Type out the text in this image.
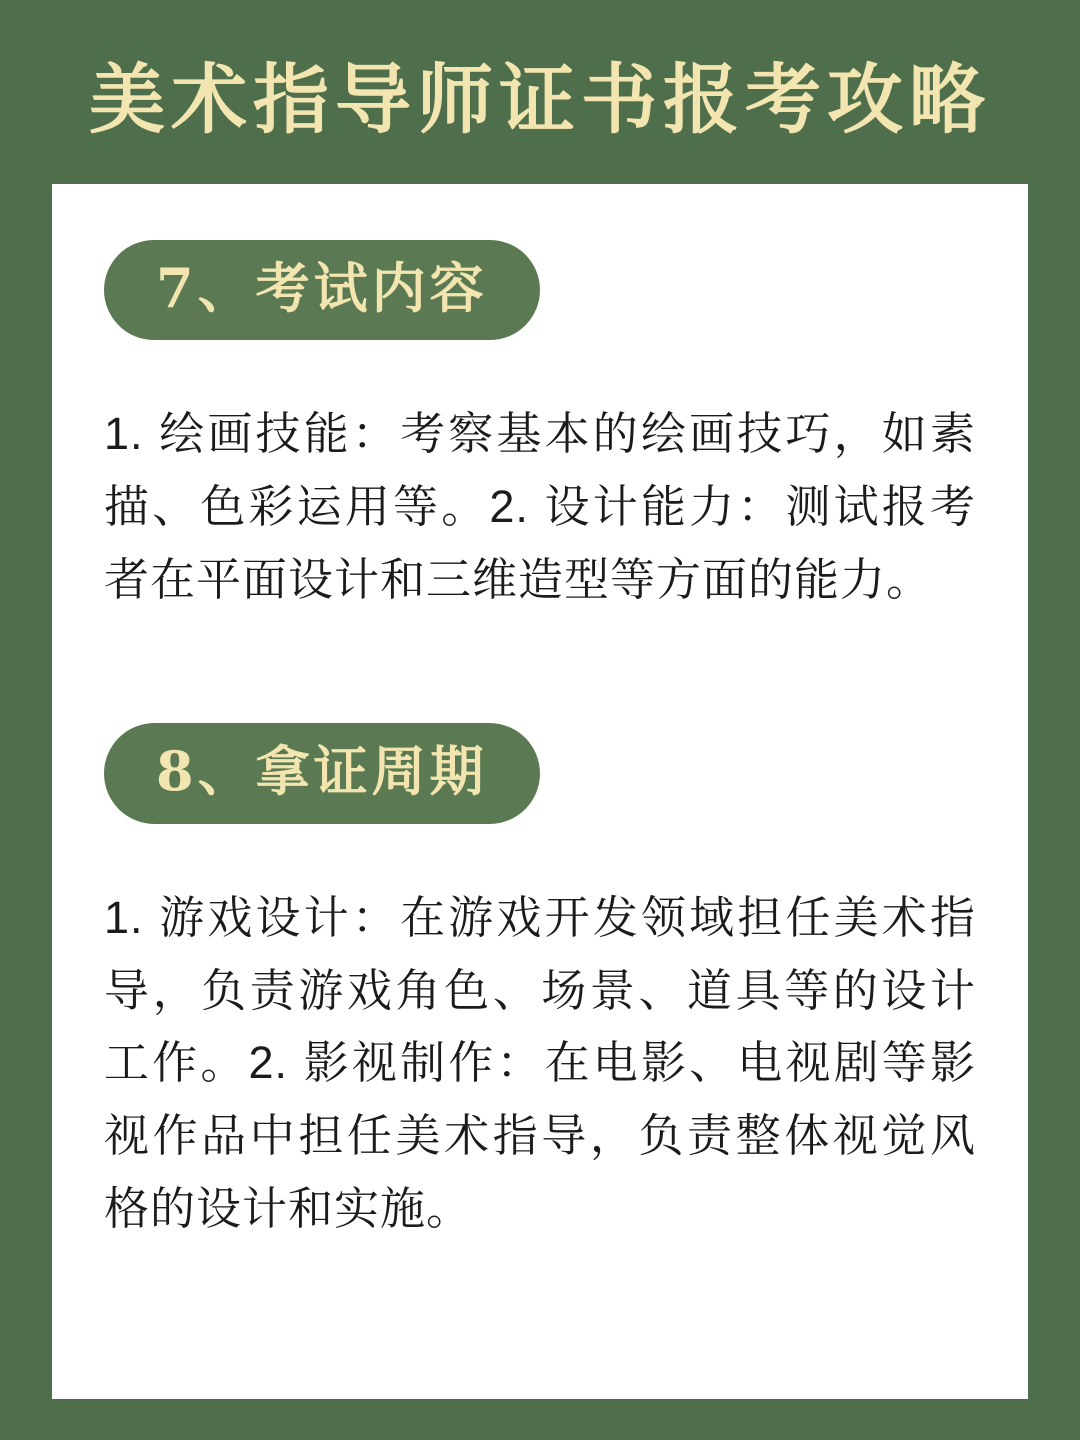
美术指导师证书报考攻略
7、考试内容
1. 绘画技能：考察基本的绘画技巧，如素描、色彩运用等。2. 设计能力：测试报考者在平面设计和三维造型等方面的能力。
8、拿证周期
1. 游戏设计：在游戏开发领域担任美术指导，负责游戏角色、场景、道具等的设计工作。2. 影视制作：在电影、电视剧等影视作品中担任美术指导，负责整体视觉风格的设计和实施。
